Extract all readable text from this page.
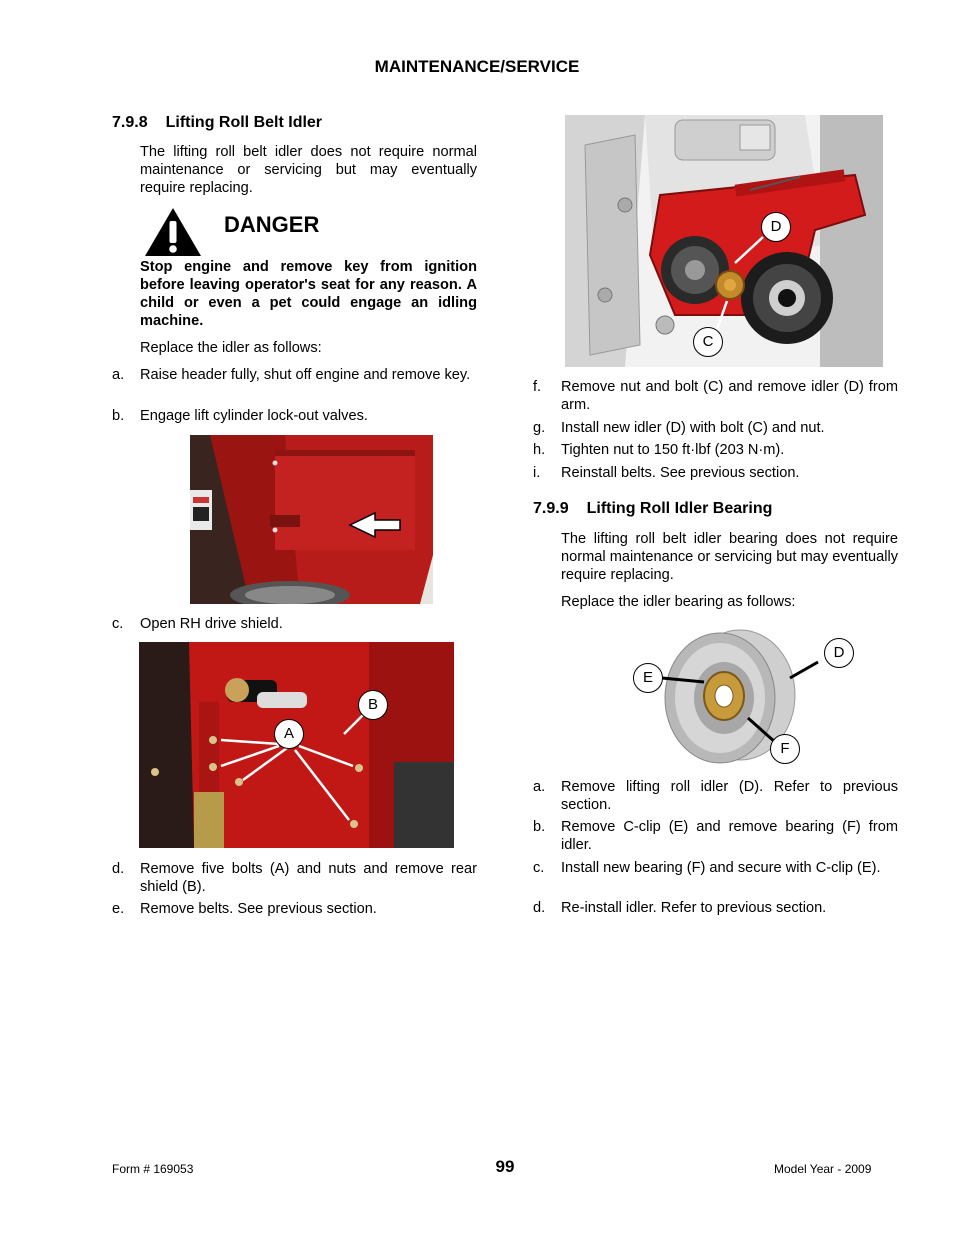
MAINTENANCE/SERVICE
7.9.8 Lifting Roll Belt Idler
The lifting roll belt idler does not require normal maintenance or servicing but may eventually require replacing.
DANGER
Stop engine and remove key from ignition before leaving operator's seat for any reason. A child or even a pet could engage an idling machine.
Replace the idler as follows:
a. Raise header fully, shut off engine and remove key.
b. Engage lift cylinder lock-out valves.
c. Open RH drive shield.
A
B
d. Remove five bolts (A) and nuts and remove rear shield (B).
e. Remove belts. See previous section.
D
C
f. Remove nut and bolt (C) and remove idler (D) from arm.
g. Install new idler (D) with bolt (C) and nut.
h. Tighten nut to 150 ft·lbf (203 N·m).
i. Reinstall belts. See previous section.
7.9.9 Lifting Roll Idler Bearing
The lifting roll belt idler bearing does not require normal maintenance or servicing but may eventually require replacing.
Replace the idler bearing as follows:
E
D
F
a. Remove lifting roll idler (D). Refer to previous section.
b. Remove C-clip (E) and remove bearing (F) from idler.
c. Install new bearing (F) and secure with C-clip (E).
d. Re-install idler. Refer to previous section.
Form # 169053	99	Model Year - 2009
